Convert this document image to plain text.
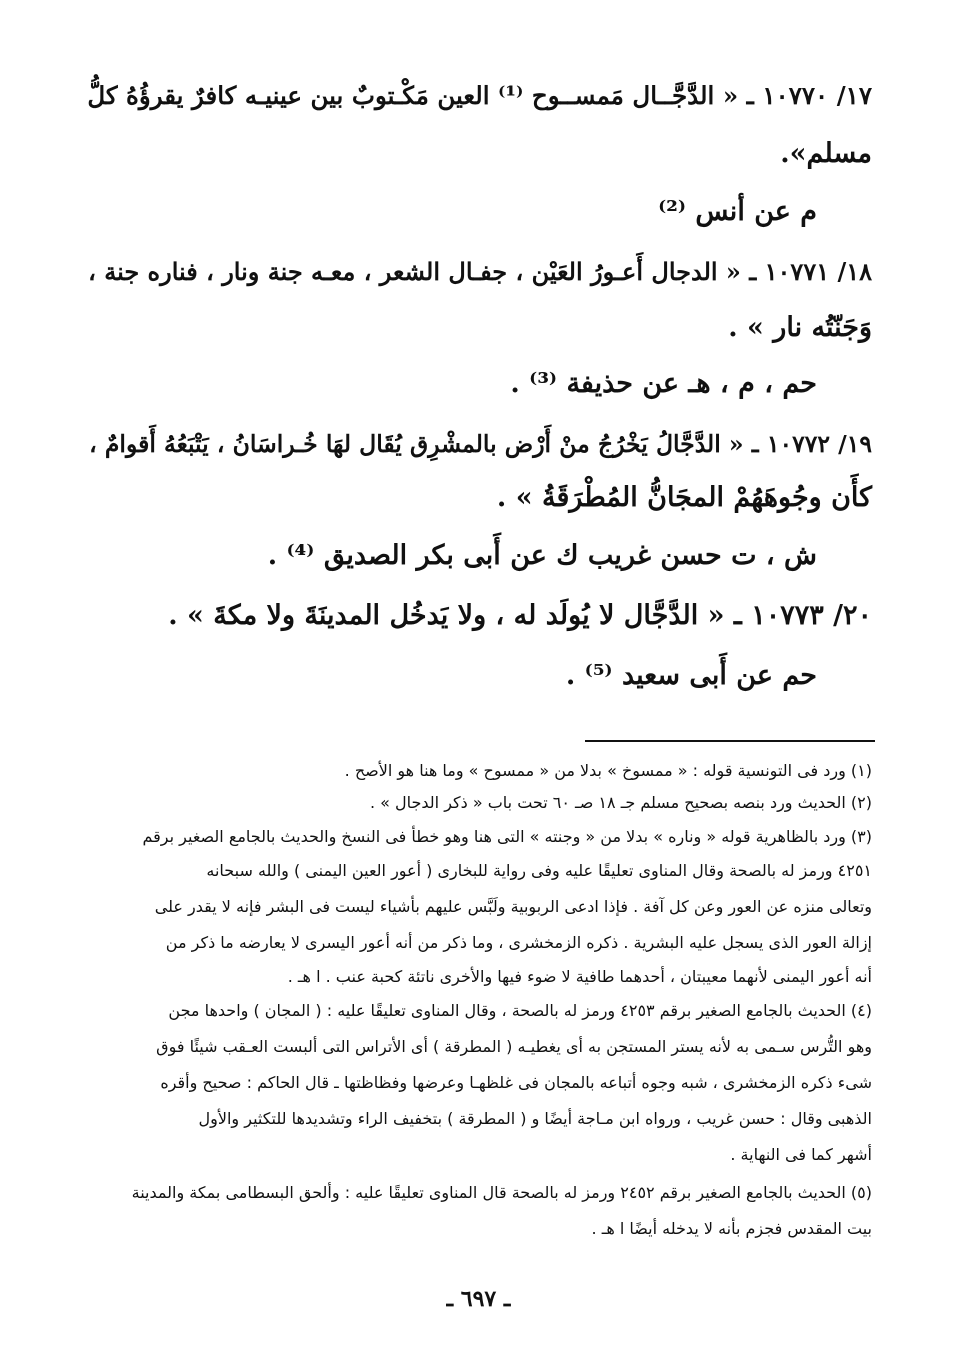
١٧/ ١٠٧٧٠ ـ « الدَّجَّــال مَمســوح ⁽¹⁾ العين مَكْـتوبٌ بين عينيـه كافرٌ يقرؤُهُ كلُّ
مسلم».
م عن أنس ⁽²⁾
١٨/ ١٠٧٧١ ـ « الدجال أَعـورُ العَيْن ، جفـال الشعر ، معـه جنة ونار ، فناره جنة ،
وَجَنّتُه نار » .
حم ، م ، هـ عن حذيفة ⁽³⁾ .
١٩/ ١٠٧٧٢ ـ « الدَّجَّالُ يَخْرُجُ منْ أَرْض بالمشْرِق يُقَال لهَا خُـراسَانُ ، يَتْبَعُهُ أَقوامٌ ،
كأَن وجُوهَهُمْ المجَانُّ المُطْرَقَةُ » .
ش ، ت حسن غريب ك عن أَبى بكر الصديق ⁽⁴⁾ .
٢٠/ ١٠٧٧٣ ـ « الدَّجَّال لا يُولَد له ، ولا يَدخُل المدينَةَ ولا مكةَ » .
حم عن أَبى سعيد ⁽⁵⁾ .
(١) ورد فى التونسية قوله : « ممسوخ » بدلا من « ممسوح » وما هنا هو الأصح .
(٢) الحديث ورد بنصه بصحيح مسلم جـ ١٨ صـ ٦٠ تحت باب « ذكر الدجال » .
(٣) ورد بالظاهرية قوله « وناره » بدلا من « وجنته » التى هنا وهو خطأ فى النسخ والحديث بالجامع الصغير برقم
٤٢٥١ ورمز له بالصحة وقال المناوى تعليقًا عليه وفى رواية للبخارى ( أعور العين اليمنى ) والله سبحانه
وتعالى منزه عن العور وعن كل آفة . فإذا ادعى الربوبية ولَبَّس عليهم بأشياء ليست فى البشر فإنه لا يقدر على
إزالة العور الذى يسجل عليه البشرية . ذكره الزمخشرى ، وما ذكر من أنه أعور اليسرى لا يعارضه ما ذكر من
أنه أعور اليمنى لأنهما معيبتان ، أحدهما طافية لا ضوء فيها والأخرى ناتئة كحبة عنب . ا هـ .
(٤) الحديث بالجامع الصغير برقم ٤٢٥٣ ورمز له بالصحة ، وقال المناوى تعليقًا عليه : ( المجان ) واحدها مجن
وهو التُّرس سـمى به لأنه يستر المستجن به أى يغطيـه ( المطرقة ) أى الأتراس التى ألبست العـقب شيئًا فوق
شىء ذكره الزمخشرى ، شبه وجوه أتباعه بالمجان فى غلظهـا وعرضها وفظاظتها ـ قال الحاكم : صحيح وأقره
الذهبى وقال : حسن غريب ، ورواه ابن مـاجة أيضًا و ( المطرقة ) بتخفيف الراء وتشديدها للتكثير والأول
أشهر كما فى النهاية .
(٥) الحديث بالجامع الصغير برقم ٢٤٥٢ ورمز له بالصحة قال المناوى تعليقًا عليه : وألحق البسطامى بمكة والمدينة
بيت المقدس فجزم بأنه لا يدخله أيضًا ا هـ .
ـ ٦٩٧ ـ
